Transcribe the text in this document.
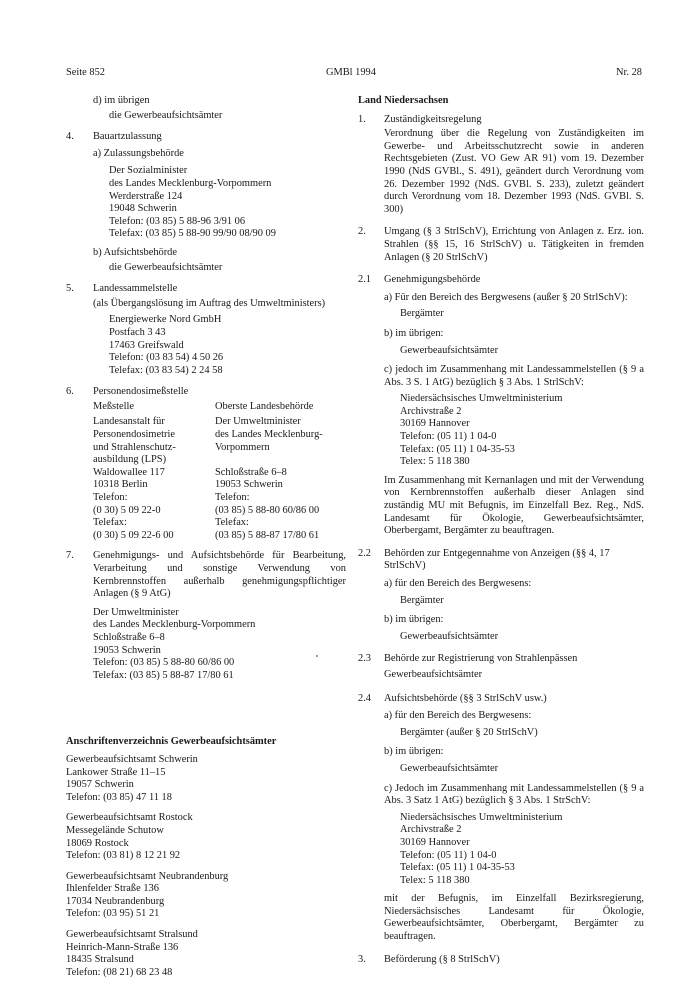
Seite 852	GMBl 1994	Nr. 28
d) im übrigen
die Gewerbeaufsichtsämter
4.	Bauartzulassung
a) Zulassungsbehörde
Der Sozialminister
des Landes Mecklenburg-Vorpommern
Werderstraße 124
19048 Schwerin
Telefon: (03 85) 5 88-96 3/91 06
Telefax: (03 85) 5 88-90 99/90 08/90 09
b) Aufsichtsbehörde
die Gewerbeaufsichtsämter
5.	Landessammelstelle
(als Übergangslösung im Auftrag des Umweltministers)
Energiewerke Nord GmbH
Postfach 3 43
17463 Greifswald
Telefon: (03 83 54) 4 50 26
Telefax: (03 83 54) 2 24 58
6.	Personendosimeßstelle
Meßstelle	Oberste Landesbehörde
Landesanstalt für	Der Umweltminister
Personendosimetrie	des Landes Mecklenburg-
und Strahlenschutz-	Vorpommern
ausbildung (LPS)
Waldowallee 117	Schloßstraße 6–8
10318 Berlin	19053 Schwerin
Telefon:	Telefon:
(0 30) 5 09 22-0	(03 85) 5 88-80 60/86 00
Telefax:	Telefax:
(0 30) 5 09 22-6 00	(03 85) 5 88-87 17/80 61
7.	Genehmigungs- und Aufsichtsbehörde für Bearbeitung, Verarbeitung und sonstige Verwendung von Kernbrennstoffen außerhalb genehmigungspflichtiger Anlagen (§ 9 AtG)
Der Umweltminister
des Landes Mecklenburg-Vorpommern
Schloßstraße 6–8
19053 Schwerin
Telefon: (03 85) 5 88-80 60/86 00
Telefax: (03 85) 5 88-87 17/80 61
Anschriftenverzeichnis Gewerbeaufsichtsämter
Gewerbeaufsichtsamt Schwerin
Lankower Straße 11–15
19057 Schwerin
Telefon: (03 85) 47 11 18
Gewerbeaufsichtsamt Rostock
Messegelände Schutow
18069 Rostock
Telefon: (03 81) 8 12 21 92
Gewerbeaufsichtsamt Neubrandenburg
Ihlenfelder Straße 136
17034 Neubrandenburg
Telefon: (03 95) 51 21
Gewerbeaufsichtsamt Stralsund
Heinrich-Mann-Straße 136
18435 Stralsund
Telefon: (08 21) 68 23 48
Land Niedersachsen
1.	Zuständigkeitsregelung
Verordnung über die Regelung von Zuständigkeiten im Gewerbe- und Arbeitsschutzrecht sowie in anderen Rechtsgebieten (Zust. VO Gew AR 91) vom 19. Dezember 1990 (NdS GVBl., S. 491), geändert durch Verordnung vom 26. Dezember 1992 (NdS. GVBl. S. 233), zuletzt geändert durch Verordnung vom 18. Dezember 1993 (NdS. GVBl. S. 300)
2.	Umgang (§ 3 StrlSchV), Errichtung von Anlagen z. Erz. ion. Strahlen (§§ 15, 16 StrlSchV) u. Tätigkeiten in fremden Anlagen (§ 20 StrlSchV)
2.1	Genehmigungsbehörde
a) Für den Bereich des Bergwesens (außer § 20 StrlSchV):
Bergämter
b) im übrigen:
Gewerbeaufsichtsämter
c) jedoch im Zusammenhang mit Landessammelstellen (§ 9 a Abs. 3 S. 1 AtG) bezüglich § 3 Abs. 1 StrlSchV:
Niedersächsisches Umweltministerium
Archivstraße 2
30169 Hannover
Telefon: (05 11) 1 04-0
Telefax: (05 11) 1 04-35-53
Telex: 5 118 380
Im Zusammenhang mit Kernanlagen und mit der Verwendung von Kernbrennstoffen außerhalb dieser Anlagen sind zuständig MU mit Befugnis, im Einzelfall Bez. Reg., NdS. Landesamt für Ökologie, Gewerbeaufsichtsämter, Oberbergamt, Bergämter zu beauftragen.
2.2	Behörden zur Entgegennahme von Anzeigen (§§ 4, 17 StrlSchV)
a) für den Bereich des Bergwesens:
Bergämter
b) im übrigen:
Gewerbeaufsichtsämter
2.3	Behörde zur Registrierung von Strahlenpässen
Gewerbeaufsichtsämter
2.4	Aufsichtsbehörde (§§ 3 StrlSchV usw.)
a) für den Bereich des Bergwesens:
Bergämter (außer § 20 StrlSchV)
b) im übrigen:
Gewerbeaufsichtsämter
c) Jedoch im Zusammenhang mit Landessammelstellen (§ 9 a Abs. 3 Satz 1 AtG) bezüglich § 3 Abs. 1 StrSchV:
Niedersächsisches Umweltministerium
Archivstraße 2
30169 Hannover
Telefon: (05 11) 1 04-0
Telefax: (05 11) 1 04-35-53
Telex: 5 118 380
mit der Befugnis, im Einzelfall Bezirksregierung, Niedersächsisches Landesamt für Ökologie, Gewerbeaufsichtsämter, Oberbergamt, Bergämter zu beauftragen.
3.	Beförderung (§ 8 StrlSchV)
